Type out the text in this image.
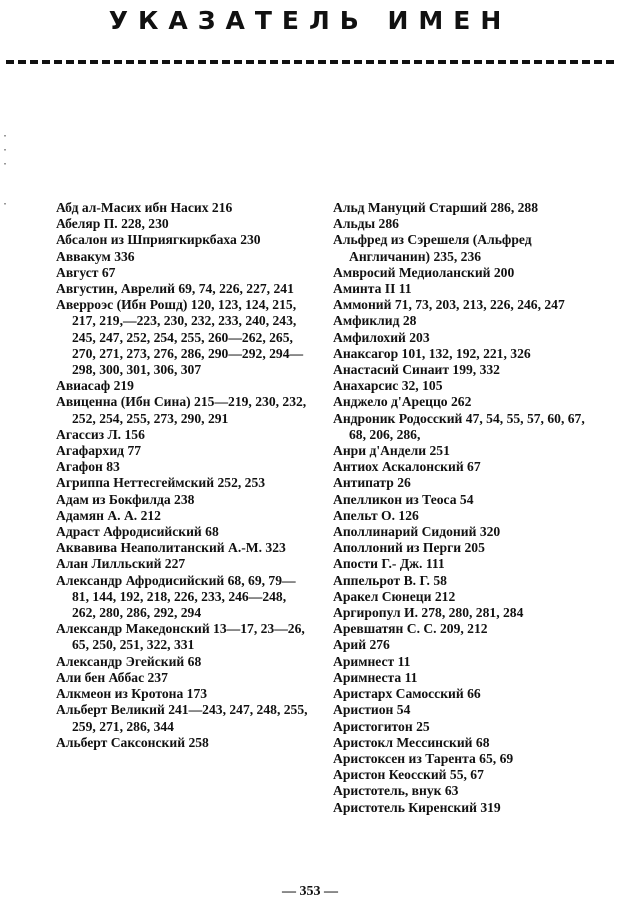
УКАЗАТЕЛЬ ИМЕН
·
·
·
·	Абд ал-Масих ибн Насих 216

Абеляр П. 228, 230

Абсалон из Шприягкиркбаха 230

Аввакум 336

Август 67

Августин, Аврелий 69, 74, 226, 227, 241

Аверроэс (Ибн Рошд) 120, 123, 124, 215, 217, 219,—223, 230, 232, 233, 240, 243, 245, 247, 252, 254, 255, 260—262, 265, 270, 271, 273, 276, 286, 290—292, 294—298, 300, 301, 306, 307

Авиасаф 219

Авиценна (Ибн Сина) 215—219, 230, 232, 252, 254, 255, 273, 290, 291

Агассиз Л. 156

Агафархид 77

Агафон 83

Агриппа Неттесгеймский 252, 253

Адам из Бокфилда 238

Адамян А. А. 212

Адраст Афродисийский 68

Аквавива Неаполитанский А.-М. 323

Алан Лилльский 227

Александр Афродисийский 68, 69, 79—81, 144, 192, 218, 226, 233, 246—248, 262, 280, 286, 292, 294

Александр Македонский 13—17, 23—26, 65, 250, 251, 322, 331

Александр Эгейский 68

Али бен Аббас 237

Алкмеон из Кротона 173

Альберт Великий 241—243, 247, 248, 255, 259, 271, 286, 344

Альберт Саксонский 258

Альд Мануций Старший 286, 288

Альды 286

Альфред из Сэрешеля (Альфред Англичанин) 235, 236

Амвросий Медиоланский 200

Аминта II 11

Аммоний 71, 73, 203, 213, 226, 246, 247

Амфиклид 28

Амфилохий 203

Анаксагор 101, 132, 192, 221, 326

Анастасий Синаит 199, 332

Анахарсис 32, 105

Анджело д'Ареццо 262

Андроник Родосский 47, 54, 55, 57, 60, 67, 68, 206, 286,

Анри д'Андели 251

Антиох Аскалонский 67

Антипатр 26

Апелликон из Теоса 54

Апельт О. 126

Аполлинарий Сидоний 320

Аполлоний из Перги 205

Апости Г.- Дж. 111

Аппельрот В. Г. 58

Аракел Сюнеци 212

Аргиропул И. 278, 280, 281, 284

Аревшатян С. С. 209, 212

Арий 276

Аримнест 11

Аримнеста 11

Аристарх Самосский 66

Аристион 54

Аристогитон 25

Аристокл Мессинский 68

Аристоксен из Тарента 65, 69

Аристон Кеосский 55, 67

Аристотель, внук 63

Аристотель Киренский 319

— 353 —
